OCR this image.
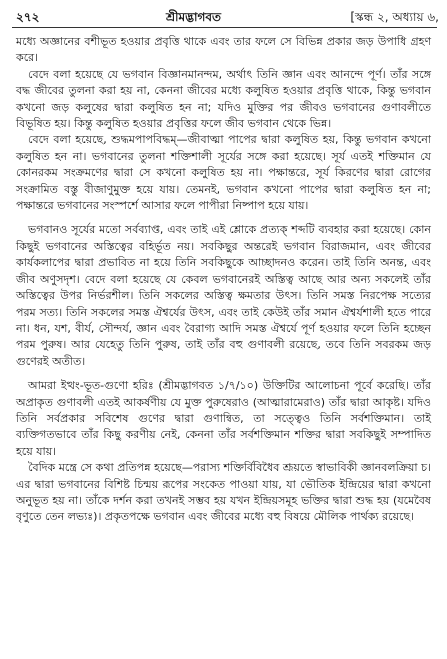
২৭২	শ্রীমদ্ভাগবত	[স্কন্ধ ২, অধ্যায় ৬,

মধ্যে অজ্ঞানের বশীভূত হওয়ার প্রবৃত্তি থাকে এবং তার ফলে সে বিভিন্ন প্রকার জড় উপাধি গ্রহণ করে।

বেদে বলা হয়েছে যে ভগবান বিজ্ঞানমানন্দম, অর্থাৎ তিনি জ্ঞান এবং আনন্দে পূর্ণ। তাঁর সঙ্গে বদ্ধ জীবের তুলনা করা হয় না, কেননা জীবের মধ্যে কলুষিত হওয়ার প্রবৃত্তি থাকে, কিন্তু ভগবান কখনো জড় কলুষের দ্বারা কলুষিত হন না; যদিও মুক্তির পর জীবও ভগবানের গুণাবলীতে বিভূষিত হয়। কিন্তু কলুষিত হওয়ার প্রবৃত্তির ফলে জীব ভগবান থেকে ভিন্ন।

বেদে বলা হয়েছে, শুদ্ধমপাপবিদ্ধম্—জীবাত্মা পাপের দ্বারা কলুষিত হয়, কিন্তু ভগবান কখনো কলুষিত হন না। ভগবানের তুলনা শক্তিশালী সূর্যের সঙ্গে করা হয়েছে। সূর্য এতই শক্তিমান যে কোনরকম সংক্রমণের দ্বারা সে কখনো কলুষিত হয় না। পক্ষান্তরে, সূর্য কিরণের দ্বারা রোগের সংক্রামিত বস্তু বীজাণুমুক্ত হয়ে যায়। তেমনই, ভগবান কখনো পাপের দ্বারা কলুষিত হন না; পক্ষান্তরে ভগবানের সংস্পর্শে আসার ফলে পাপীরা নিষ্পাপ হয়ে যায়।

ভগবানও সূর্যের মতো সর্বব্যাপ্ত, এবং তাই এই শ্লোকে প্রত্যক্ শব্দটি ব্যবহার করা হয়েছে। কোন কিছুই ভগবানের অস্তিত্বের বহির্ভূত নয়। সবকিছুর অন্তরেই ভগবান বিরাজমান, এবং জীবের কার্যকলাপের দ্বারা প্রভাবিত না হয়ে তিনি সবকিছুকে আচ্ছাদনও করেন। তাই তিনি অনন্ত, এবং জীব অণুসদৃশ। বেদে বলা হয়েছে যে কেবল ভগবানেরই অস্তিত্ব আছে আর অন্য সকলেই তাঁর অস্তিত্বের উপর নির্ভরশীল। তিনি সকলের অস্তিত্ব ক্ষমতার উৎস। তিনি সমস্ত নিরপেক্ষ সত্যের পরম সত্য। তিনি সকলের সমস্ত ঐশ্বর্যের উৎস, এবং তাই কেউই তাঁর সমান ঐশ্বর্যশালী হতে পারে না। ধন, যশ, বীর্য, সৌন্দর্য, জ্ঞান এবং বৈরাগ্য আদি সমস্ত ঐশ্বর্যে পূর্ণ হওয়ার ফলে তিনি হচ্ছেন পরম পুরুষ। আর যেহেতু তিনি পুরুষ, তাই তাঁর বহু গুণাবলী রয়েছে, তবে তিনি সবরকম জড় গুণেরই অতীত।

আমরা ইত্থং-ভূত-গুণো হরিঃ (শ্রীমদ্ভাগবত ১/৭/১০) উক্তিটির আলোচনা পূর্বে করেছি। তাঁর অপ্রাকৃত গুণাবলী এতই আকর্ষণীয় যে মুক্ত পুরুষেরাও (আত্মারামেরাও) তাঁর দ্বারা আকৃষ্ট। যদিও তিনি সর্বপ্রকার সবিশেষ গুণের দ্বারা গুণান্বিত, তা সত্ত্বেও তিনি সর্বশক্তিমান। তাই ব্যক্তিগতভাবে তাঁর কিছু করণীয় নেই, কেননা তাঁর সর্বশক্তিমান শক্তির দ্বারা সবকিছুই সম্পাদিত হয়ে যায়।

বৈদিক মন্ত্রে সে কথা প্রতিপন্ন হয়েছে—পরাস্য শক্তির্বিবিধৈব শ্রূয়তে স্বাভাবিকী জ্ঞানবলক্রিয়া চ। এর দ্বারা ভগবানের বিশিষ্ট চিন্ময় রূপের সংকেত পাওয়া যায়, যা ভৌতিক ইন্দ্রিয়ের দ্বারা কখনো অনুভূত হয় না। তাঁকে দর্শন করা তখনই সম্ভব হয় যখন ইন্দ্রিয়সমূহ ভক্তির দ্বারা শুদ্ধ হয় (যমেবৈষ বৃণুতে তেন লভ্যঃ)। প্রকৃতপক্ষে ভগবান এবং জীবের মধ্যে বহু বিষয়ে মৌলিক পার্থক্য রয়েছে।
